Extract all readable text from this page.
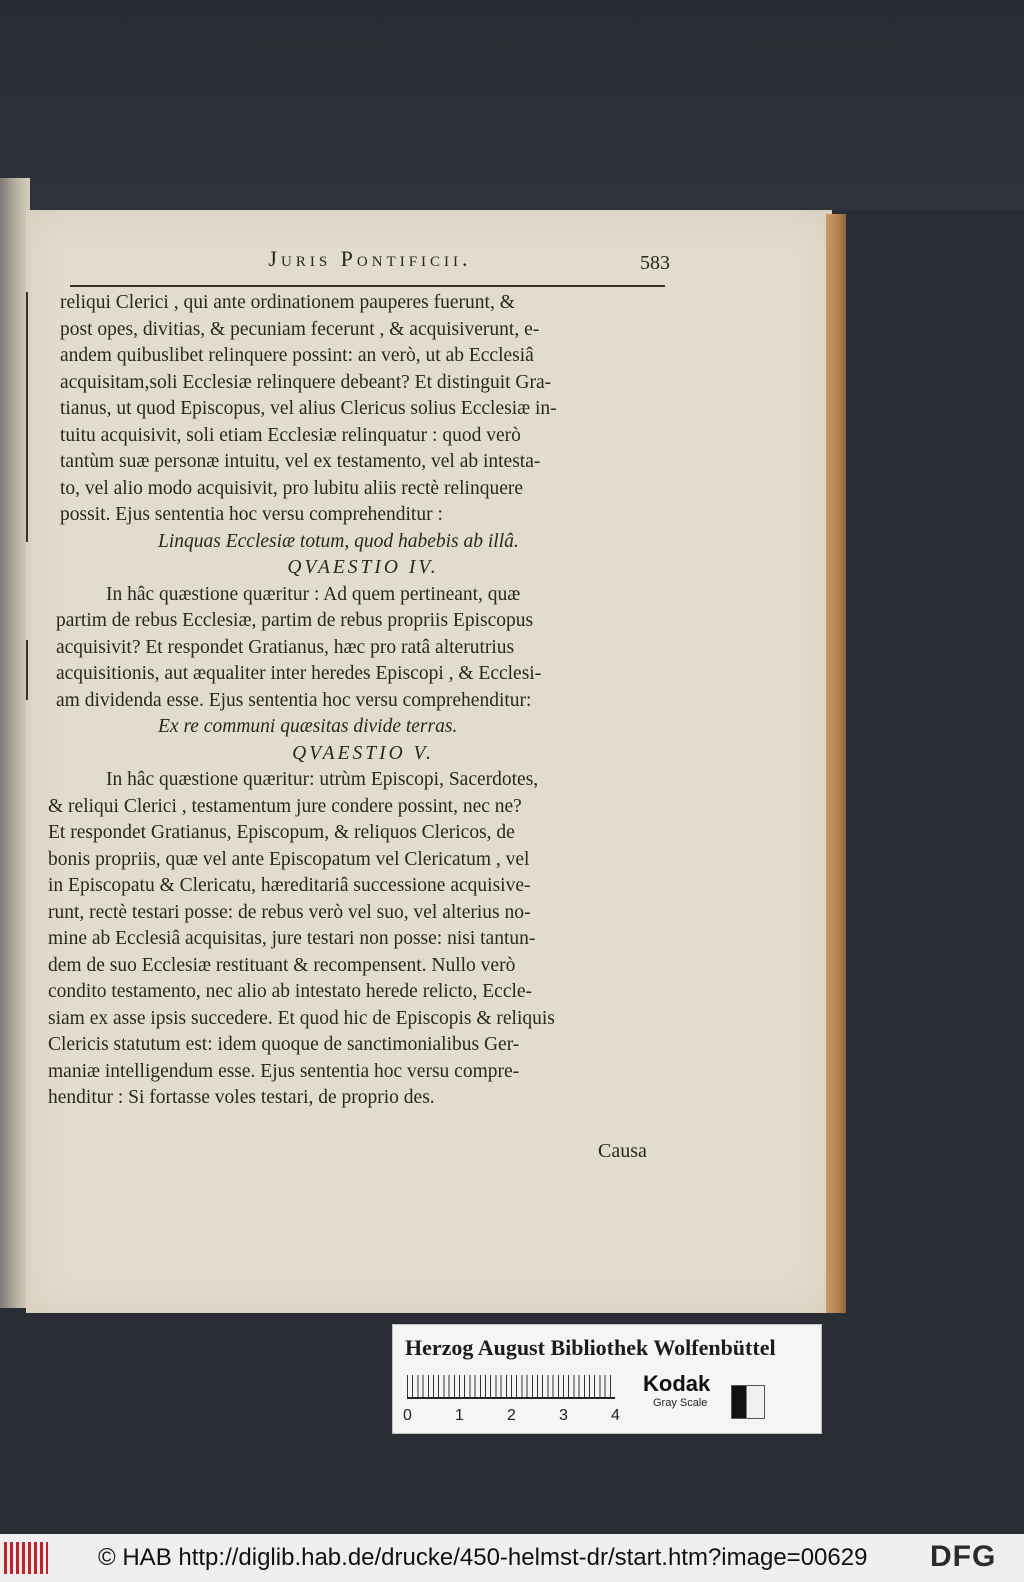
Juris Pontificii.	583
reliqui Clerici , qui ante ordinationem pauperes fuerunt, &
post opes, divitias, & pecuniam fecerunt , & acquisiverunt, e-
andem quibuslibet relinquere possint: an verò, ut ab Ecclesiâ
acquisitam,soli Ecclesiæ relinquere debeant? Et distinguit Gra-
tianus, ut quod Episcopus, vel alius Clericus solius Ecclesiæ in-
tuitu acquisivit, soli etiam Ecclesiæ relinquatur : quod verò
tantùm suæ personæ intuitu, vel ex testamento, vel ab intesta-
to, vel alio modo acquisivit, pro lubitu aliis rectè relinquere
possit. Ejus sententia hoc versu comprehenditur :
Linquas Ecclesiæ totum, quod habebis ab illâ.
QVAESTIO IV.
In hâc quæstione quæritur : Ad quem pertineant, quæ
partim de rebus Ecclesiæ, partim de rebus propriis Episcopus
acquisivit? Et respondet Gratianus, hæc pro ratâ alterutrius
acquisitionis, aut æqualiter inter heredes Episcopi , & Ecclesi-
am dividenda esse. Ejus sententia hoc versu comprehenditur:
Ex re communi quæsitas divide terras.
QVAESTIO V.
In hâc quæstione quæritur: utrùm Episcopi, Sacerdotes,
& reliqui Clerici , testamentum jure condere possint, nec ne?
Et respondet Gratianus, Episcopum, & reliquos Clericos, de
bonis propriis, quæ vel ante Episcopatum vel Clericatum , vel
in Episcopatu & Clericatu, hæreditariâ successione acquisive-
runt, rectè testari posse: de rebus verò vel suo, vel alterius no-
mine ab Ecclesiâ acquisitas, jure testari non posse: nisi tantun-
dem de suo Ecclesiæ restituant & recompensent. Nullo verò
condito testamento, nec alio ab intestato herede relicto, Eccle-
siam ex asse ipsis succedere. Et quod hic de Episcopis & reliquis
Clericis statutum est: idem quoque de sanctimonialibus Ger-
maniæ intelligendum esse. Ejus sententia hoc versu compre-
henditur : Si fortasse voles testari, de proprio des.
Causa
Herzog August Bibliothek Wolfenbüttel
0	1	2	3	4
Kodak
Gray Scale
© HAB http://diglib.hab.de/drucke/450-helmst-dr/start.htm?image=00629 DFG
